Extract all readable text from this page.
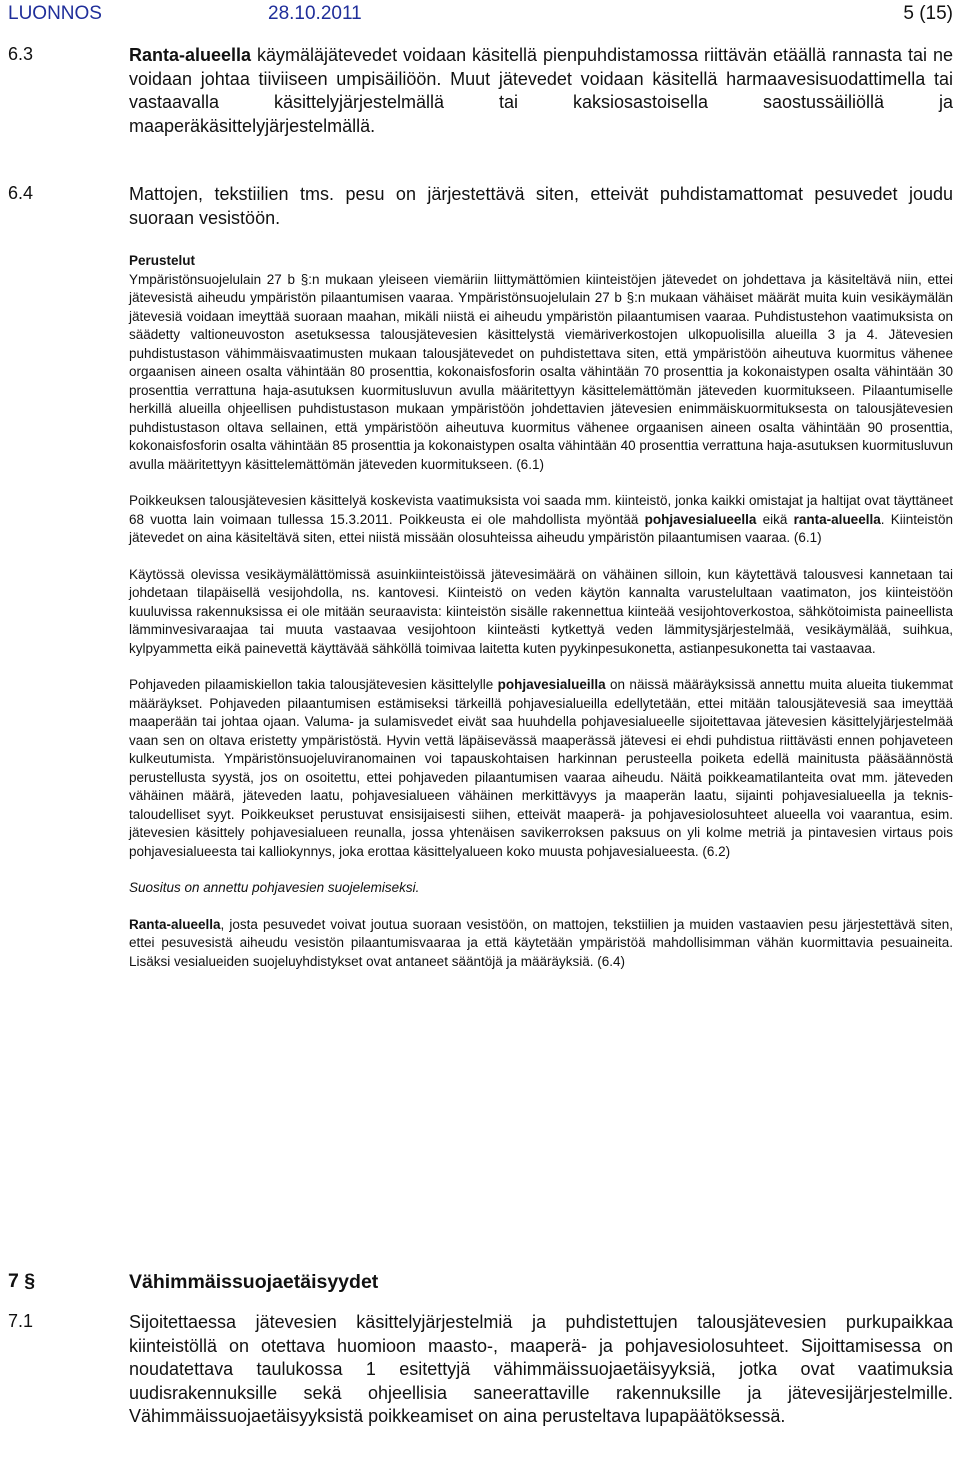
LUONNOS	28.10.2011	5 (15)
6.3	Ranta-alueella käymäläjätevedet voidaan käsitellä pienpuhdistamossa riittävän etäällä rannasta tai ne voidaan johtaa tiiviiseen umpisäiliöön. Muut jätevedet voidaan käsitellä harmaavesisuodattimella tai vastaavalla käsittelyjärjestelmällä tai kaksiosastoisella saostussäiliöllä ja maaperäkäsittelyjärjestelmällä.
6.4	Mattojen, tekstiilien tms. pesu on järjestettävä siten, etteivät puhdistamattomat pesuvedet joudu suoraan vesistöön.

Perustelut

Ympäristönsuojelulain 27 b §:n mukaan yleiseen viemäriin liittymättömien kiinteistöjen jätevedet on johdettava ja käsiteltävä niin, ettei jätevesistä aiheudu ympäristön pilaantumisen vaaraa. Ympäristönsuojelulain 27 b §:n mukaan vähäiset määrät muita kuin vesikäymälän jätevesiä voidaan imeyttää suoraan maahan, mikäli niistä ei aiheudu ympäristön pilaantumisen vaaraa. Puhdistustehon vaatimuksista on säädetty valtioneuvoston asetuksessa talousjätevesien käsittelystä viemäriverkostojen ulkopuolisilla alueilla 3 ja 4. Jätevesien puhdistustason vähimmäisvaatimusten mukaan talousjätevedet on puhdistettava siten, että ympäristöön aiheutuva kuormitus vähenee orgaanisen aineen osalta vähintään 80 prosenttia, kokonaisfosforin osalta vähintään 70 prosenttia ja kokonaistypen osalta vähintään 30 prosenttia verrattuna haja-asutuksen kuormitusluvun avulla määritettyyn käsittelemättömän jäteveden kuormitukseen. Pilaantumiselle herkillä alueilla ohjeellisen puhdistustason mukaan ympäristöön johdettavien jätevesien enimmäiskuormituksesta on talousjätevesien puhdistustason oltava sellainen, että ympäristöön aiheutuva kuormitus vähenee orgaanisen aineen osalta vähintään 90 prosenttia, kokonaisfosforin osalta vähintään 85 prosenttia ja kokonaistypen osalta vähintään 40 prosenttia verrattuna haja-asutuksen kuormitusluvun avulla määritettyyn käsittelemättömän jäteveden kuormitukseen. (6.1)

Poikkeuksen talousjätevesien käsittelyä koskevista vaatimuksista voi saada mm. kiinteistö, jonka kaikki omistajat ja haltijat ovat täyttäneet 68 vuotta lain voimaan tullessa 15.3.2011. Poikkeusta ei ole mahdollista myöntää pohjavesialueella eikä ranta-alueella. Kiinteistön jätevedet on aina käsiteltävä siten, ettei niistä missään olosuhteissa aiheudu ympäristön pilaantumisen vaaraa. (6.1)

Käytössä olevissa vesikäymälättömissä asuinkiinteistöissä jätevesimäärä on vähäinen silloin, kun käytettävä talousvesi kannetaan tai johdetaan tilapäisellä vesijohdolla, ns. kantovesi. Kiinteistö on veden käytön kannalta varustelultaan vaatimaton, jos kiinteistöön kuuluvissa rakennuksissa ei ole mitään seuraavista: kiinteistön sisälle rakennettua kiinteää vesijohtoverkostoa, sähkötoimista paineellista lämminvesivaraajaa tai muuta vastaavaa vesijohtoon kiinteästi kytkettyä veden lämmitysjärjestelmää, vesikäymälää, suihkua, kylpyammetta eikä painevettä käyttävää sähköllä toimivaa laitetta kuten pyykinpesukonetta, astianpesukonetta tai vastaavaa.

Pohjaveden pilaamiskiellon takia talousjätevesien käsittelylle pohjavesialueilla on näissä määräyksissä annettu muita alueita tiukemmat määräykset. Pohjaveden pilaantumisen estämiseksi tärkeillä pohjavesialueilla edellytetään, ettei mitään talousjätevesiä saa imeyttää maaperään tai johtaa ojaan. Valuma- ja sulamisvedet eivät saa huuhdella pohjavesialueelle sijoitettavaa jätevesien käsittelyjärjestelmää vaan sen on oltava eristetty ympäristöstä. Hyvin vettä läpäisevässä maaperässä jätevesi ei ehdi puhdistua riittävästi ennen pohjaveteen kulkeutumista. Ympäristönsuojeluviranomainen voi tapauskohtaisen harkinnan perusteella poiketa edellä mainitusta pääsäännöstä perustellusta syystä, jos on osoitettu, ettei pohjaveden pilaantumisen vaaraa aiheudu. Näitä poikkeamatilanteita ovat mm. jäteveden vähäinen määrä, jäteveden laatu, pohjavesialueen vähäinen merkittävyys ja maaperän laatu, sijainti pohjavesialueella ja teknis-taloudelliset syyt. Poikkeukset perustuvat ensisijaisesti siihen, etteivät maaperä- ja pohjavesiolosuhteet alueella voi vaarantua, esim. jätevesien käsittely pohjavesialueen reunalla, jossa yhtenäisen savikerroksen paksuus on yli kolme metriä ja pintavesien virtaus pois pohjavesialueesta tai kalliokynnys, joka erottaa käsittelyalueen koko muusta pohjavesialueesta. (6.2)

Suositus on annettu pohjavesien suojelemiseksi.

Ranta-alueella, josta pesuvedet voivat joutua suoraan vesistöön, on mattojen, tekstiilien ja muiden vastaavien pesu järjestettävä siten, ettei pesuvesistä aiheudu vesistön pilaantumisvaaraa ja että käytetään ympäristöä mahdollisimman vähän kuormittavia pesuaineita. Lisäksi vesialueiden suojeluyhdistykset ovat antaneet sääntöjä ja määräyksiä. (6.4)

7 §	Vähimmäissuojaetäisyydet
7.1	Sijoitettaessa jätevesien käsittelyjärjestelmiä ja puhdistettujen talousjätevesien purkupaikkaa kiinteistöllä on otettava huomioon maasto-, maaperä- ja pohjavesiolosuhteet. Sijoittamisessa on noudatettava taulukossa 1 esitettyjä vähimmäissuojaetäisyyksiä, jotka ovat vaatimuksia uudisrakennuksille sekä ohjeellisia saneerattaville rakennuksille ja jätevesijärjestelmille. Vähimmäissuojaetäisyyksistä poikkeamiset on aina perusteltava lupapäätöksessä.
